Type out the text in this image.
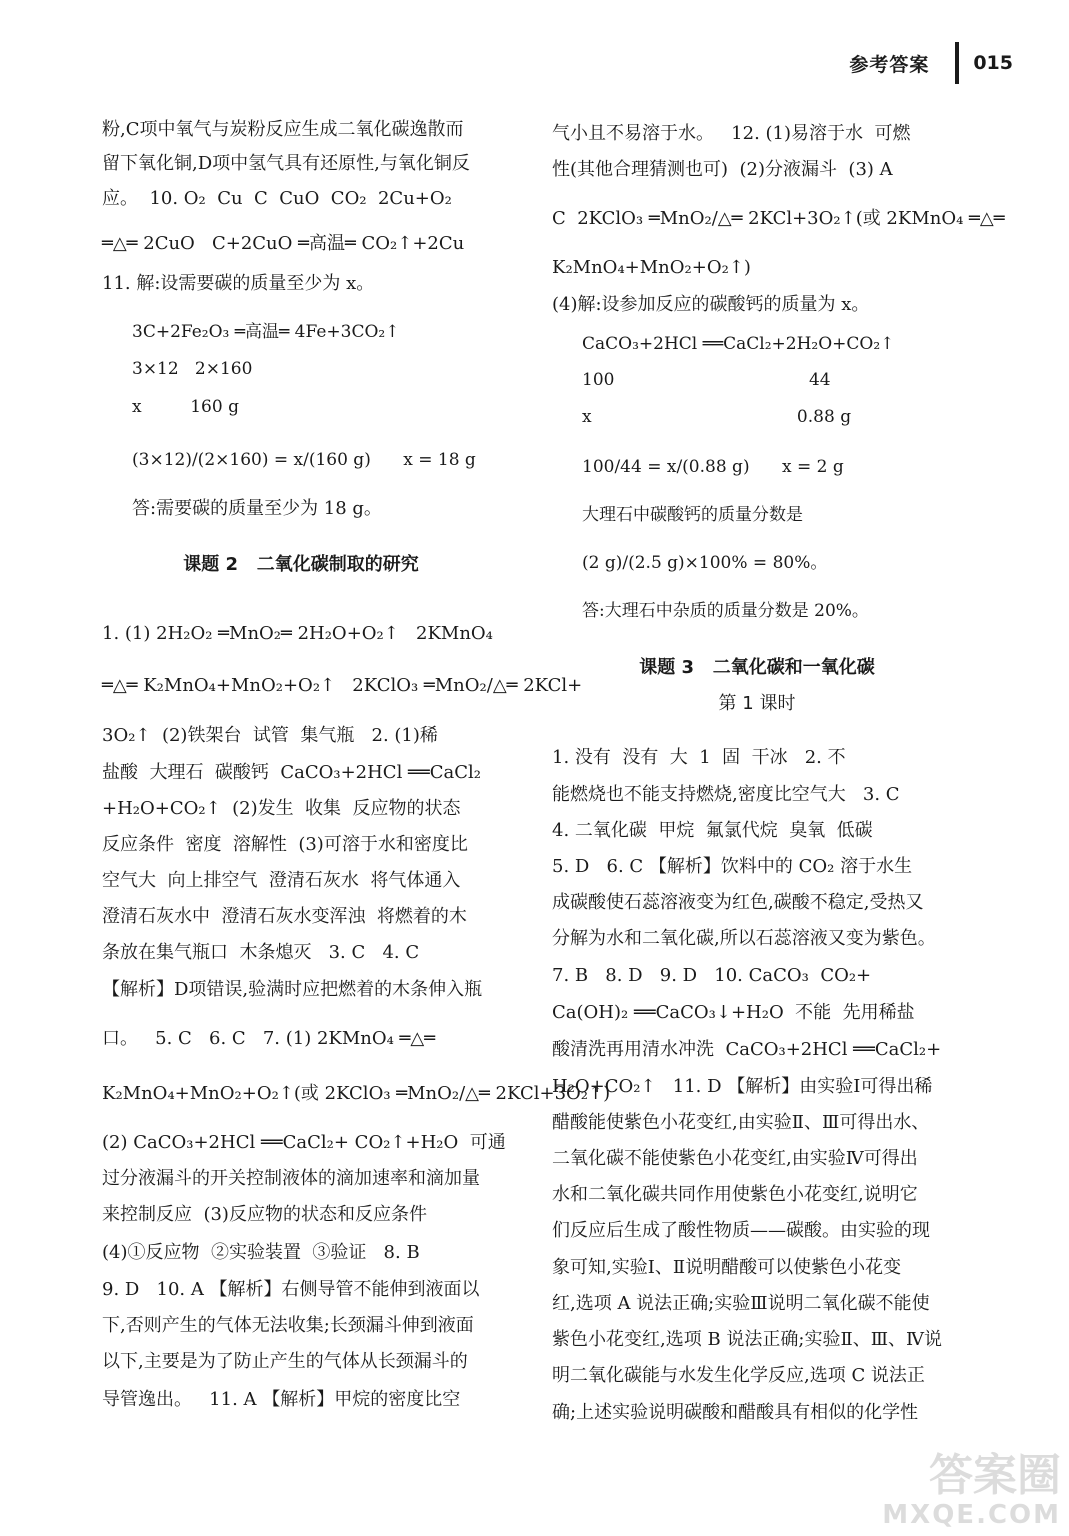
参考答案 015
粉,C项中氧气与炭粉反应生成二氧化碳逸散而
留下氧化铜,D项中氢气具有还原性,与氧化铜反
应。  10. O₂  Cu  C  CuO  CO₂  2Cu+O₂
═△═ 2CuO   C+2CuO ═高温═ CO₂↑+2Cu
11. 解:设需要碳的质量至少为 x。
3C+2Fe₂O₃ ═高温═ 4Fe+3CO₂↑
3×12   2×160
x         160 g
(3×12)/(2×160) = x/(160 g)      x = 18 g
答:需要碳的质量至少为 18 g。
课题 2   二氧化碳制取的研究
1. (1) 2H₂O₂ ═MnO₂═ 2H₂O+O₂↑   2KMnO₄
═△═ K₂MnO₄+MnO₂+O₂↑   2KClO₃ ═MnO₂/△═ 2KCl+
3O₂↑  (2)铁架台  试管  集气瓶   2. (1)稀
盐酸  大理石  碳酸钙  CaCO₃+2HCl ══CaCl₂
+H₂O+CO₂↑  (2)发生  收集  反应物的状态
反应条件  密度  溶解性  (3)可溶于水和密度比
空气大  向上排空气  澄清石灰水  将气体通入
澄清石灰水中  澄清石灰水变浑浊  将燃着的木
条放在集气瓶口  木条熄灭   3. C   4. C
【解析】D项错误,验满时应把燃着的木条伸入瓶
口。   5. C   6. C   7. (1) 2KMnO₄ ═△═
K₂MnO₄+MnO₂+O₂↑(或 2KClO₃ ═MnO₂/△═ 2KCl+3O₂↑)
(2) CaCO₃+2HCl ══CaCl₂+ CO₂↑+H₂O  可通
过分液漏斗的开关控制液体的滴加速率和滴加量
来控制反应  (3)反应物的状态和反应条件
(4)①反应物  ②实验装置  ③验证   8. B
9. D   10. A 【解析】右侧导管不能伸到液面以
下,否则产生的气体无法收集;长颈漏斗伸到液面
以下,主要是为了防止产生的气体从长颈漏斗的
导管逸出。   11. A 【解析】甲烷的密度比空
气小且不易溶于水。   12. (1)易溶于水  可燃
性(其他合理猜测也可)  (2)分液漏斗  (3) A
C  2KClO₃ ═MnO₂/△═ 2KCl+3O₂↑(或 2KMnO₄ ═△═
K₂MnO₄+MnO₂+O₂↑)
(4)解:设参加反应的碳酸钙的质量为 x。
CaCO₃+2HCl ══CaCl₂+2H₂O+CO₂↑
100                                    44
x                                      0.88 g
100/44 = x/(0.88 g)      x = 2 g
大理石中碳酸钙的质量分数是
(2 g)/(2.5 g)×100% = 80%。
答:大理石中杂质的质量分数是 20%。
课题 3   二氧化碳和一氧化碳
第 1 课时
1. 没有  没有  大  1  固  干冰   2. 不
能燃烧也不能支持燃烧,密度比空气大   3. C
4. 二氧化碳  甲烷  氟氯代烷  臭氧  低碳
5. D   6. C 【解析】饮料中的 CO₂ 溶于水生
成碳酸使石蕊溶液变为红色,碳酸不稳定,受热又
分解为水和二氧化碳,所以石蕊溶液又变为紫色。
7. B   8. D   9. D   10. CaCO₃  CO₂+
Ca(OH)₂ ══CaCO₃↓+H₂O  不能  先用稀盐
酸清洗再用清水冲洗  CaCO₃+2HCl ══CaCl₂+
H₂O+CO₂↑   11. D 【解析】由实验Ⅰ可得出稀
醋酸能使紫色小花变红,由实验Ⅱ、Ⅲ可得出水、
二氧化碳不能使紫色小花变红,由实验Ⅳ可得出
水和二氧化碳共同作用使紫色小花变红,说明它
们反应后生成了酸性物质——碳酸。由实验的现
象可知,实验Ⅰ、Ⅱ说明醋酸可以使紫色小花变
红,选项 A 说法正确;实验Ⅲ说明二氧化碳不能使
紫色小花变红,选项 B 说法正确;实验Ⅱ、Ⅲ、Ⅳ说
明二氧化碳能与水发生化学反应,选项 C 说法正
确;上述实验说明碳酸和醋酸具有相似的化学性
答案圈
MXQE.COM
